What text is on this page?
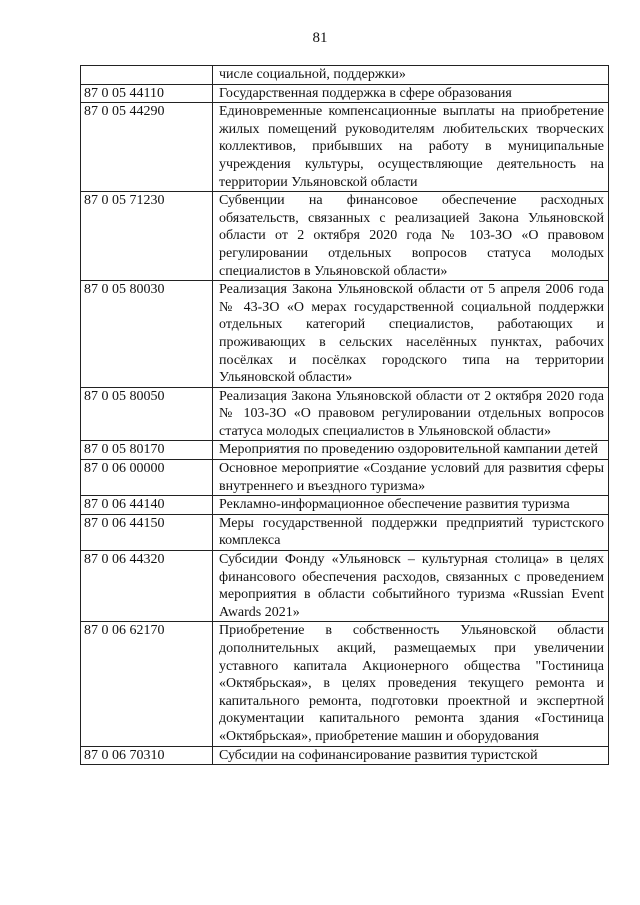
81
	числе социальной, поддержки»
87 0 05 44110	Государственная поддержка в сфере образования
87 0 05 44290	Единовременные компенсационные выплаты на приобретение жилых помещений руководителям любительских творческих коллективов, прибывших на работу в муниципальные учреждения культуры, осуществляющие деятельность на территории Ульяновской области
87 0 05 71230	Субвенции на финансовое обеспечение расходных обязательств, связанных с реализацией Закона Ульяновской области от 2 октября 2020 года № 103-ЗО «О правовом регулировании отдельных вопросов статуса молодых специалистов в Ульяновской области»
87 0 05 80030	Реализация Закона Ульяновской области от 5 апреля 2006 года № 43-ЗО «О мерах государственной социальной поддержки отдельных категорий специалистов, работающих и проживающих в сельских населённых пунктах, рабочих посёлках и посёлках городского типа на территории Ульяновской области»
87 0 05 80050	Реализация Закона Ульяновской области от 2 октября 2020 года № 103-ЗО «О правовом регулировании отдельных вопросов статуса молодых специалистов в Ульяновской области»
87 0 05 80170	Мероприятия по проведению оздоровительной кампании детей
87 0 06 00000	Основное мероприятие «Создание условий для развития сферы внутреннего и въездного туризма»
87 0 06 44140	Рекламно-информационное обеспечение развития туризма
87 0 06 44150	Меры государственной поддержки предприятий туристского комплекса
87 0 06 44320	Субсидии Фонду «Ульяновск – культурная столица» в целях финансового обеспечения расходов, связанных с проведением мероприятия в области событийного туризма «Russian Event Awards 2021»
87 0 06 62170	Приобретение в собственность Ульяновской области дополнительных акций, размещаемых при увеличении уставного капитала Акционерного общества "Гостиница «Октябрьская», в целях проведения текущего ремонта и капитального ремонта, подготовки проектной и экспертной документации капитального ремонта здания «Гостиница «Октябрьская», приобретение машин и оборудования
87 0 06 70310	Субсидии на софинансирование развития туристской
